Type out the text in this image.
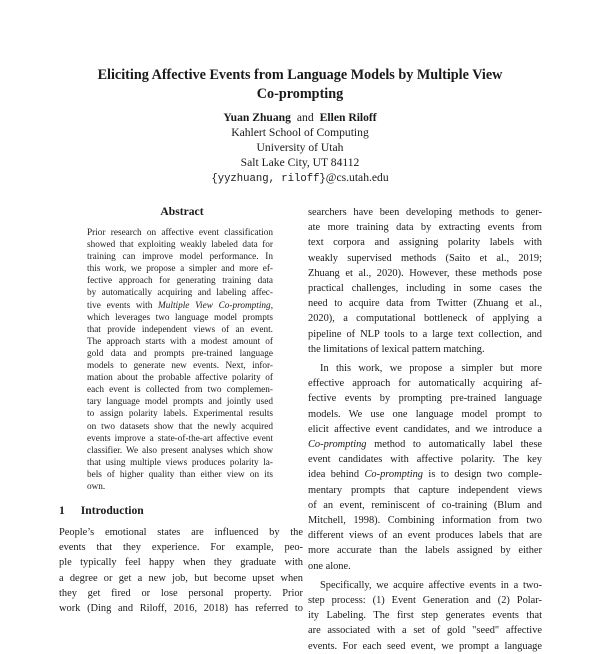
Eliciting Affective Events from Language Models by Multiple View
Co-prompting
Yuan Zhuang and Ellen Riloff
Kahlert School of Computing
University of Utah
Salt Lake City, UT 84112
{yyzhuang, riloff}@cs.utah.edu
Abstract
Prior research on affective event classification
showed that exploiting weakly labeled data for
training can improve model performance. In
this work, we propose a simpler and more ef-
fective approach for generating training data
by automatically acquiring and labeling affec-
tive events with Multiple View Co-prompting,
which leverages two language model prompts
that provide independent views of an event.
The approach starts with a modest amount of
gold data and prompts pre-trained language
models to generate new events. Next, infor-
mation about the probable affective polarity of
each event is collected from two complemen-
tary language model prompts and jointly used
to assign polarity labels. Experimental results
on two datasets show that the newly acquired
events improve a state-of-the-art affective event
classifier. We also present analyses which show
that using multiple views produces polarity la-
bels of higher quality than either view on its
own.
1 Introduction
People’s emotional states are influenced by the
events that they experience. For example, peo-
ple typically feel happy when they graduate with
a degree or get a new job, but become upset when
they get fired or lose personal property. Prior
work (Ding and Riloff, 2016, 2018) has referred to

searchers have been developing methods to gener-
ate more training data by extracting events from
text corpora and assigning polarity labels with
weakly supervised methods (Saito et al., 2019;
Zhuang et al., 2020). However, these methods pose
practical challenges, including in some cases the
need to acquire data from Twitter (Zhuang et al.,
2020), a computational bottleneck of applying a
pipeline of NLP tools to a large text collection, and
the limitations of lexical pattern matching.

In this work, we propose a simpler but more
effective approach for automatically acquiring af-
fective events by prompting pre-trained language
models. We use one language model prompt to
elicit affective event candidates, and we introduce a
Co-prompting method to automatically label these
event candidates with affective polarity. The key
idea behind Co-prompting is to design two comple-
mentary prompts that capture independent views
of an event, reminiscent of co-training (Blum and
Mitchell, 1998). Combining information from two
different views of an event produces labels that are
more accurate than the labels assigned by either
one alone.

Specifically, we acquire affective events in a two-
step process: (1) Event Generation and (2) Polar-
ity Labeling. The first step generates events that
are associated with a set of gold "seed" affective
events. For each seed event, we prompt a language
